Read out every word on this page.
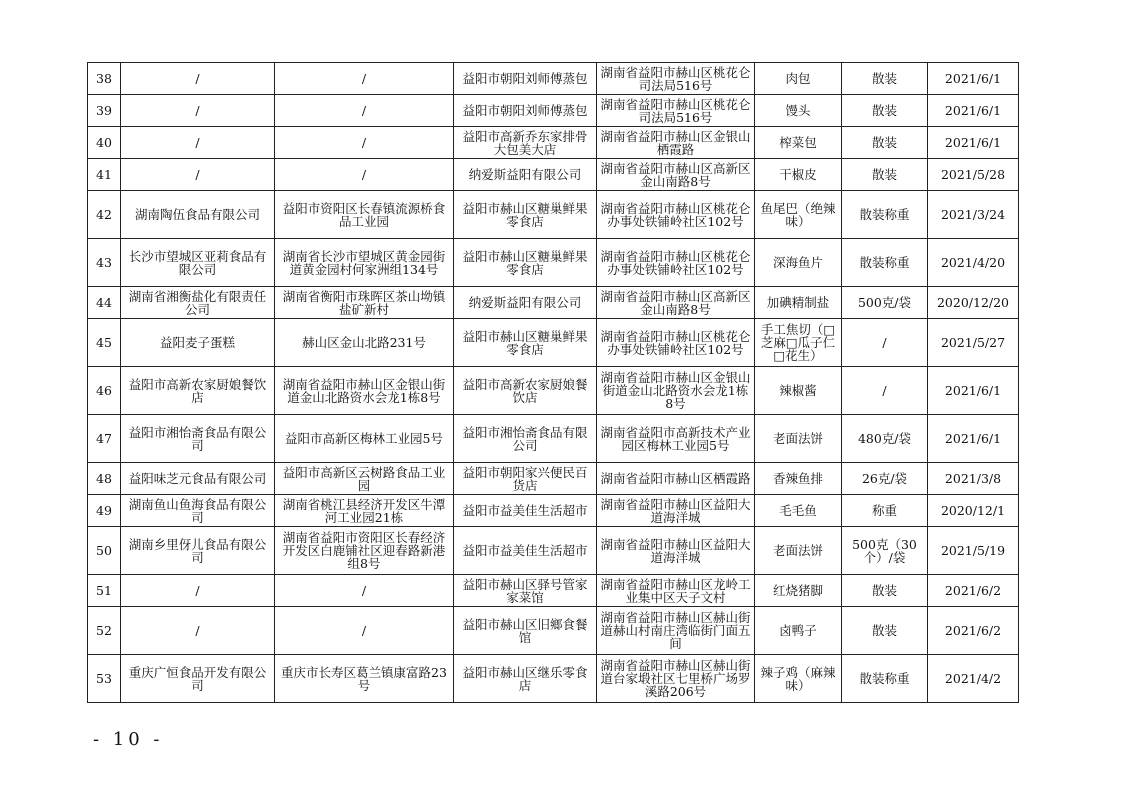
38	/	/	益阳市朝阳刘师傅蒸包	湖南省益阳市赫山区桃花仑司法局516号	肉包	散装	2021/6/1
39	/	/	益阳市朝阳刘师傅蒸包	湖南省益阳市赫山区桃花仑司法局516号	馒头	散装	2021/6/1
40	/	/	益阳市高新乔东家排骨大包美大店	湖南省益阳市赫山区金银山栖霞路	榨菜包	散装	2021/6/1
41	/	/	纳爱斯益阳有限公司	湖南省益阳市赫山区高新区金山南路8号	干椒皮	散装	2021/5/28
42	湖南陶伍食品有限公司	益阳市资阳区长春镇流源桥食品工业园	益阳市赫山区糖巢鲜果零食店	湖南省益阳市赫山区桃花仑办事处铁铺岭社区102号	鱼尾巴（绝辣味）	散装称重	2021/3/24
43	长沙市望城区亚莉食品有限公司	湖南省长沙市望城区黄金园街道黄金园村何家洲组134号	益阳市赫山区糖巢鲜果零食店	湖南省益阳市赫山区桃花仑办事处铁铺岭社区102号	深海鱼片	散装称重	2021/4/20
44	湖南省湘衡盐化有限责任公司	湖南省衡阳市珠晖区茶山坳镇盐矿新村	纳爱斯益阳有限公司	湖南省益阳市赫山区高新区金山南路8号	加碘精制盐	500克/袋	2020/12/20
45	益阳麦子蛋糕	赫山区金山北路231号	益阳市赫山区糖巢鲜果零食店	湖南省益阳市赫山区桃花仑办事处铁铺岭社区102号	手工焦切（□芝麻□瓜子仁□花生）	/	2021/5/27
46	益阳市高新农家厨娘餐饮店	湖南省益阳市赫山区金银山街道金山北路资水会龙1栋8号	益阳市高新农家厨娘餐饮店	湖南省益阳市赫山区金银山街道金山北路资水会龙1栋8号	辣椒酱	/	2021/6/1
47	益阳市湘怡斋食品有限公司	益阳市高新区梅林工业园5号	益阳市湘怡斋食品有限公司	湖南省益阳市高新技术产业园区梅林工业园5号	老面法饼	480克/袋	2021/6/1
48	益阳味芝元食品有限公司	益阳市高新区云树路食品工业园	益阳市朝阳家兴便民百货店	湖南省益阳市赫山区栖霞路	香辣鱼排	26克/袋	2021/3/8
49	湖南鱼山鱼海食品有限公司	湖南省桃江县经济开发区牛潭河工业园21栋	益阳市益美佳生活超市	湖南省益阳市赫山区益阳大道海洋城	毛毛鱼	称重	2020/12/1
50	湖南乡里伢儿食品有限公司	湖南省益阳市资阳区长春经济开发区白鹿铺社区迎春路新港组8号	益阳市益美佳生活超市	湖南省益阳市赫山区益阳大道海洋城	老面法饼	500克（30个）/袋	2021/5/19
51	/	/	益阳市赫山区驿号管家家菜馆	湖南省益阳市赫山区龙岭工业集中区天子文村	红烧猪脚	散装	2021/6/2
52	/	/	益阳市赫山区旧鄉食餐馆	湖南省益阳市赫山区赫山街道赫山村南庄湾临街门面五间	卤鸭子	散装	2021/6/2
53	重庆广恒食品开发有限公司	重庆市长寿区葛兰镇康富路23号	益阳市赫山区继乐零食店	湖南省益阳市赫山区赫山街道台家塅社区七里桥广场罗溪路206号	辣子鸡（麻辣味）	散装称重	2021/4/2
- 10 -
